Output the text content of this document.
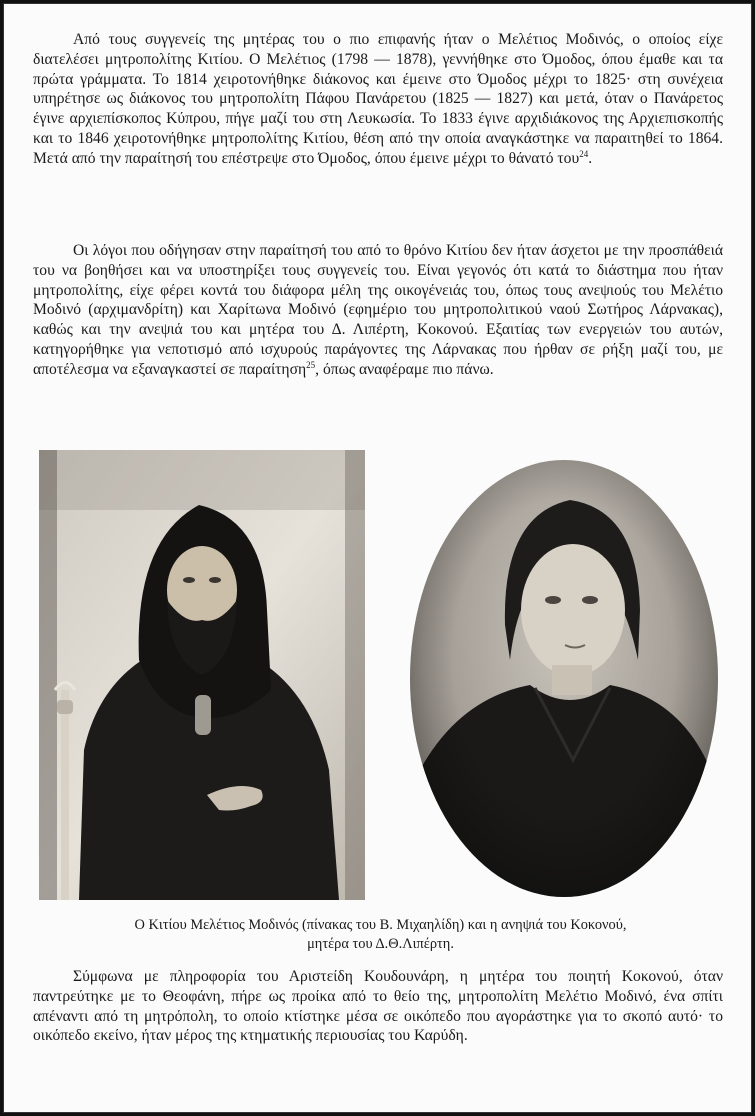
Από τους συγγενείς της μητέρας του ο πιο επιφανής ήταν ο Μελέτιος Μοδινός, ο οποίος είχε διατελέσει μητροπολίτης Κιτίου. Ο Μελέτιος (1798 — 1878), γεννήθηκε στο Όμοδος, όπου έμαθε και τα πρώτα γράμματα. Το 1814 χειροτονήθηκε διάκονος και έμεινε στο Όμοδος μέχρι το 1825· στη συνέχεια υπηρέτησε ως διάκονος του μητροπολίτη Πάφου Πανάρετου (1825 — 1827) και μετά, όταν ο Πανάρετος έγινε αρχιεπίσκοπος Κύπρου, πήγε μαζί του στη Λευκωσία. Το 1833 έγινε αρχιδιάκονος της Αρχιεπισκοπής και το 1846 χειροτονήθηκε μητροπολίτης Κιτίου, θέση από την οποία αναγκάστηκε να παραιτηθεί το 1864. Μετά από την παραίτησή του επέστρεψε στο Όμοδος, όπου έμεινε μέχρι το θάνατό του$^{24}$.

Οι λόγοι που οδήγησαν στην παραίτησή του από το θρόνο Κιτίου δεν ήταν άσχετοι με την προσπάθειά του να βοηθήσει και να υποστηρίξει τους συγγενείς του. Είναι γεγονός ότι κατά το διάστημα που ήταν μητροπολίτης, είχε φέρει κοντά του διάφορα μέλη της οικογένειάς του, όπως τους ανεψιούς του Μελέτιο Μοδινό (αρχιμανδρίτη) και Χαρίτωνα Μοδινό (εφημέριο του μητροπολιτικού ναού Σωτήρος Λάρνακας), καθώς και την ανεψιά του και μητέρα του Δ. Λιπέρτη, Κοκονού. Εξαιτίας των ενεργειών του αυτών, κατηγορήθηκε για νεποτισμό από ισχυρούς παράγοντες της Λάρνακας που ήρθαν σε ρήξη μαζί του, με αποτέλεσμα να εξαναγκαστεί σε παραίτηση$^{25}$, όπως αναφέραμε πιο πάνω.

Ο Κιτίου Μελέτιος Μοδινός (πίνακας του Β. Μιχαηλίδη) και η ανηψιά του Κοκονού,
μητέρα του Δ.Θ.Λιπέρτη.

Σύμφωνα με πληροφορία του Αριστείδη Κουδουνάρη, η μητέρα του ποιητή Κοκονού, όταν παντρεύτηκε με το Θεοφάνη, πήρε ως προίκα από το θείο της, μητροπολίτη Μελέτιο Μοδινό, ένα σπίτι απέναντι από τη μητρόπολη, το οποίο κτίστηκε μέσα σε οικόπεδο που αγοράστηκε για το σκοπό αυτό· το οικόπεδο εκείνο, ήταν μέρος της κτηματικής περιουσίας του Καρύδη.
